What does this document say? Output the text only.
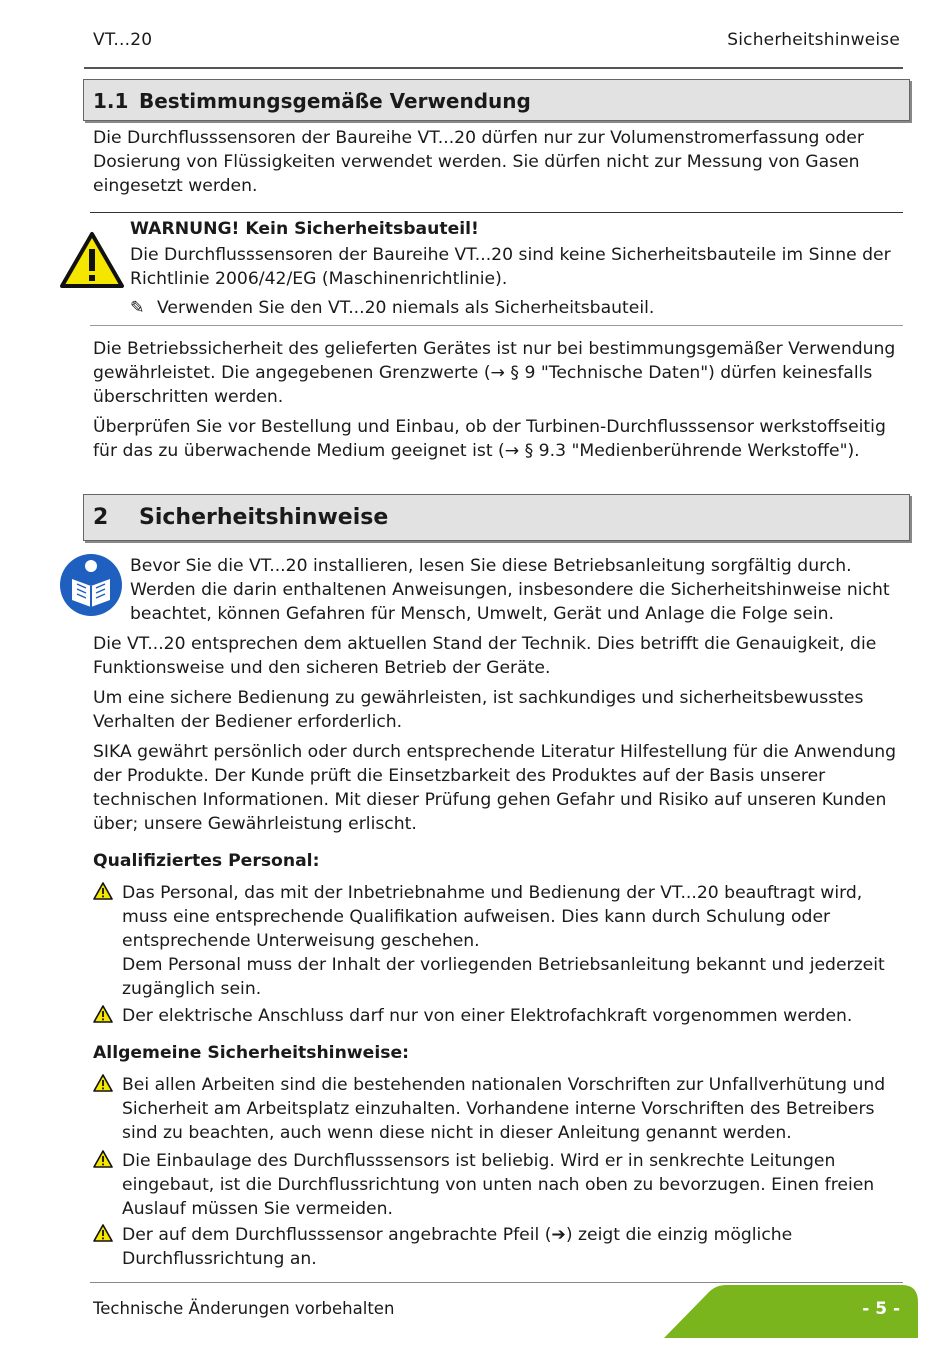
VT...20	Sicherheitshinweise
1.1 Bestimmungsgemäße Verwendung

Die Durchflusssensoren der Baureihe VT...20 dürfen nur zur Volumenstromerfassung oder Dosierung von Flüssigkeiten verwendet werden. Sie dürfen nicht zur Messung von Gasen eingesetzt werden.

WARNUNG! Kein Sicherheitsbauteil!
Die Durchflusssensoren der Baureihe VT...20 sind keine Sicherheitsbauteile im Sinne der Richtlinie 2006/42/EG (Maschinenrichtlinie).
✎ Verwenden Sie den VT...20 niemals als Sicherheitsbauteil.

Die Betriebssicherheit des gelieferten Gerätes ist nur bei bestimmungsgemäßer Verwendung gewährleistet. Die angegebenen Grenzwerte (→ § 9 "Technische Daten") dürfen keinesfalls überschritten werden.

Überprüfen Sie vor Bestellung und Einbau, ob der Turbinen-Durchflusssensor werkstoffseitig für das zu überwachende Medium geeignet ist (→ § 9.3 "Medienberührende Werkstoffe").

2 Sicherheitshinweise
Bevor Sie die VT...20 installieren, lesen Sie diese Betriebsanleitung sorgfältig durch. Werden die darin enthaltenen Anweisungen, insbesondere die Sicherheitshinweise nicht beachtet, können Gefahren für Mensch, Umwelt, Gerät und Anlage die Folge sein.

Die VT...20 entsprechen dem aktuellen Stand der Technik. Dies betrifft die Genauigkeit, die Funktionsweise und den sicheren Betrieb der Geräte.

Um eine sichere Bedienung zu gewährleisten, ist sachkundiges und sicherheitsbewusstes Verhalten der Bediener erforderlich.

SIKA gewährt persönlich oder durch entsprechende Literatur Hilfestellung für die Anwendung der Produkte. Der Kunde prüft die Einsetzbarkeit des Produktes auf der Basis unserer technischen Informationen. Mit dieser Prüfung gehen Gefahr und Risiko auf unseren Kunden über; unsere Gewährleistung erlischt.

Qualifiziertes Personal:
Das Personal, das mit der Inbetriebnahme und Bedienung der VT...20 beauftragt wird, muss eine entsprechende Qualifikation aufweisen. Dies kann durch Schulung oder entsprechende Unterweisung geschehen.
Dem Personal muss der Inhalt der vorliegenden Betriebsanleitung bekannt und jederzeit zugänglich sein.
Der elektrische Anschluss darf nur von einer Elektrofachkraft vorgenommen werden.
Allgemeine Sicherheitshinweise:
Bei allen Arbeiten sind die bestehenden nationalen Vorschriften zur Unfallverhütung und Sicherheit am Arbeitsplatz einzuhalten. Vorhandene interne Vorschriften des Betreibers sind zu beachten, auch wenn diese nicht in dieser Anleitung genannt werden.
Die Einbaulage des Durchflusssensors ist beliebig. Wird er in senkrechte Leitungen eingebaut, ist die Durchflussrichtung von unten nach oben zu bevorzugen. Einen freien Auslauf müssen Sie vermeiden.
Der auf dem Durchflusssensor angebrachte Pfeil (➔) zeigt die einzig mögliche Durchflussrichtung an.
Technische Änderungen vorbehalten	- 5 -
